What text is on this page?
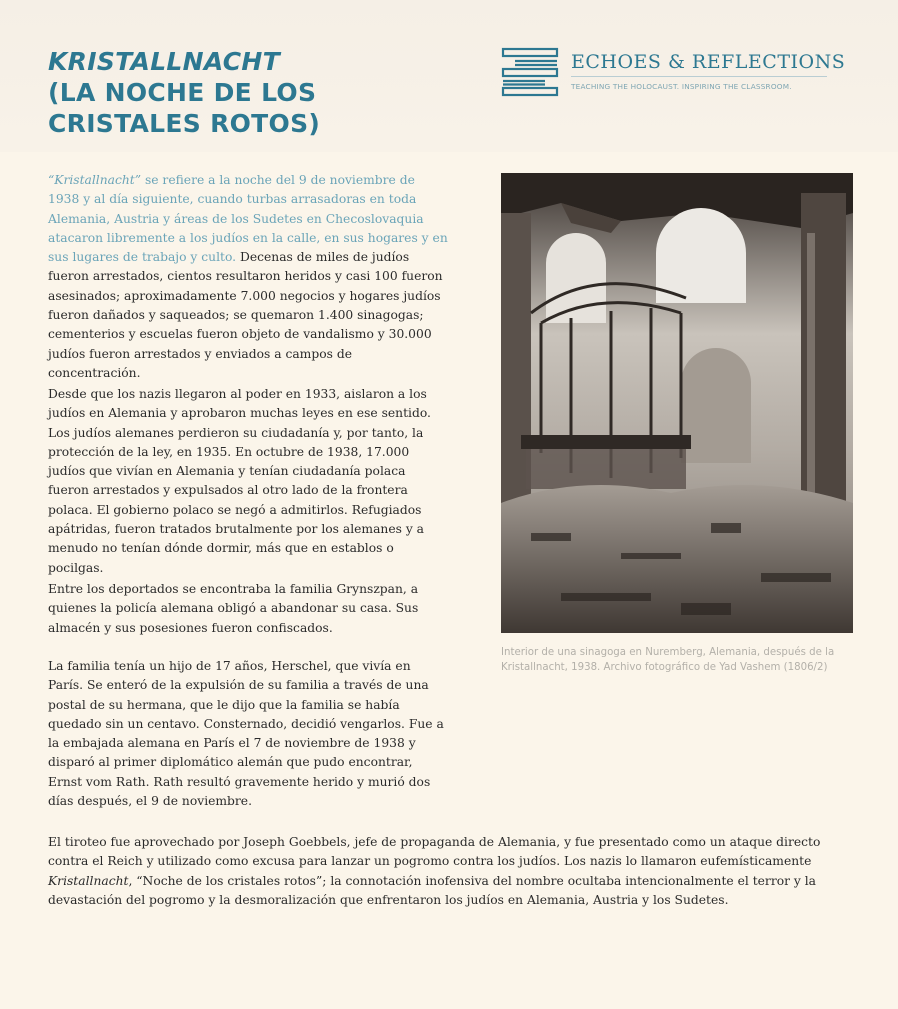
KRISTALLNACHT
(LA NOCHE DE LOS CRISTALES ROTOS)
ECHOES & REFLECTIONS
TEACHING THE HOLOCAUST. INSPIRING THE CLASSROOM.

“Kristallnacht” se refiere a la noche del 9 de noviembre de 1938 y al día siguiente, cuando turbas arrasadoras en toda Alemania, Austria y áreas de los Sudetes en Checoslovaquia atacaron libremente a los judíos en la calle, en sus hogares y en sus lugares de trabajo y culto. Decenas de miles de judíos fueron arrestados, cientos resultaron heridos y casi 100 fueron asesinados; aproximadamente 7.000 negocios y hogares judíos fueron dañados y saqueados; se quemaron 1.400 sinagogas; cementerios y escuelas fueron objeto de vandalismo y 30.000 judíos fueron arrestados y enviados a campos de concentración.

Desde que los nazis llegaron al poder en 1933, aislaron a los judíos en Alemania y aprobaron muchas leyes en ese sentido. Los judíos alemanes perdieron su ciudadanía y, por tanto, la protección de la ley, en 1935. En octubre de 1938, 17.000 judíos que vivían en Alemania y tenían ciudadanía polaca fueron arrestados y expulsados al otro lado de la frontera polaca. El gobierno polaco se negó a admitirlos. Refugiados apátridas, fueron tratados brutalmente por los alemanes y a menudo no tenían dónde dormir, más que en establos o pocilgas.

Entre los deportados se encontraba la familia Grynszpan, a quienes la policía alemana obligó a abandonar su casa. Sus almacén y sus posesiones fueron confiscados.

La familia tenía un hijo de 17 años, Herschel, que vivía en París. Se enteró de la expulsión de su familia a través de una postal de su hermana, que le dijo que la familia se había quedado sin un centavo. Consternado, decidió vengarlos. Fue a la embajada alemana en París el 7 de noviembre de 1938 y disparó al primer diplomático alemán que pudo encontrar, Ernst vom Rath. Rath resultó gravemente herido y murió dos días después, el 9 de noviembre.

El tiroteo fue aprovechado por Joseph Goebbels, jefe de propaganda de Alemania, y fue presentado como un ataque directo contra el Reich y utilizado como excusa para lanzar un pogromo contra los judíos. Los nazis lo llamaron eufemísticamente Kristallnacht, “Noche de los cristales rotos”; la connotación inofensiva del nombre ocultaba intencionalmente el terror y la devastación del pogromo y la desmoralización que enfrentaron los judíos en Alemania, Austria y los Sudetes.

Interior de una sinagoga en Nuremberg, Alemania, después de la Kristallnacht, 1938. Archivo fotográfico de Yad Vashem (1806/2)
